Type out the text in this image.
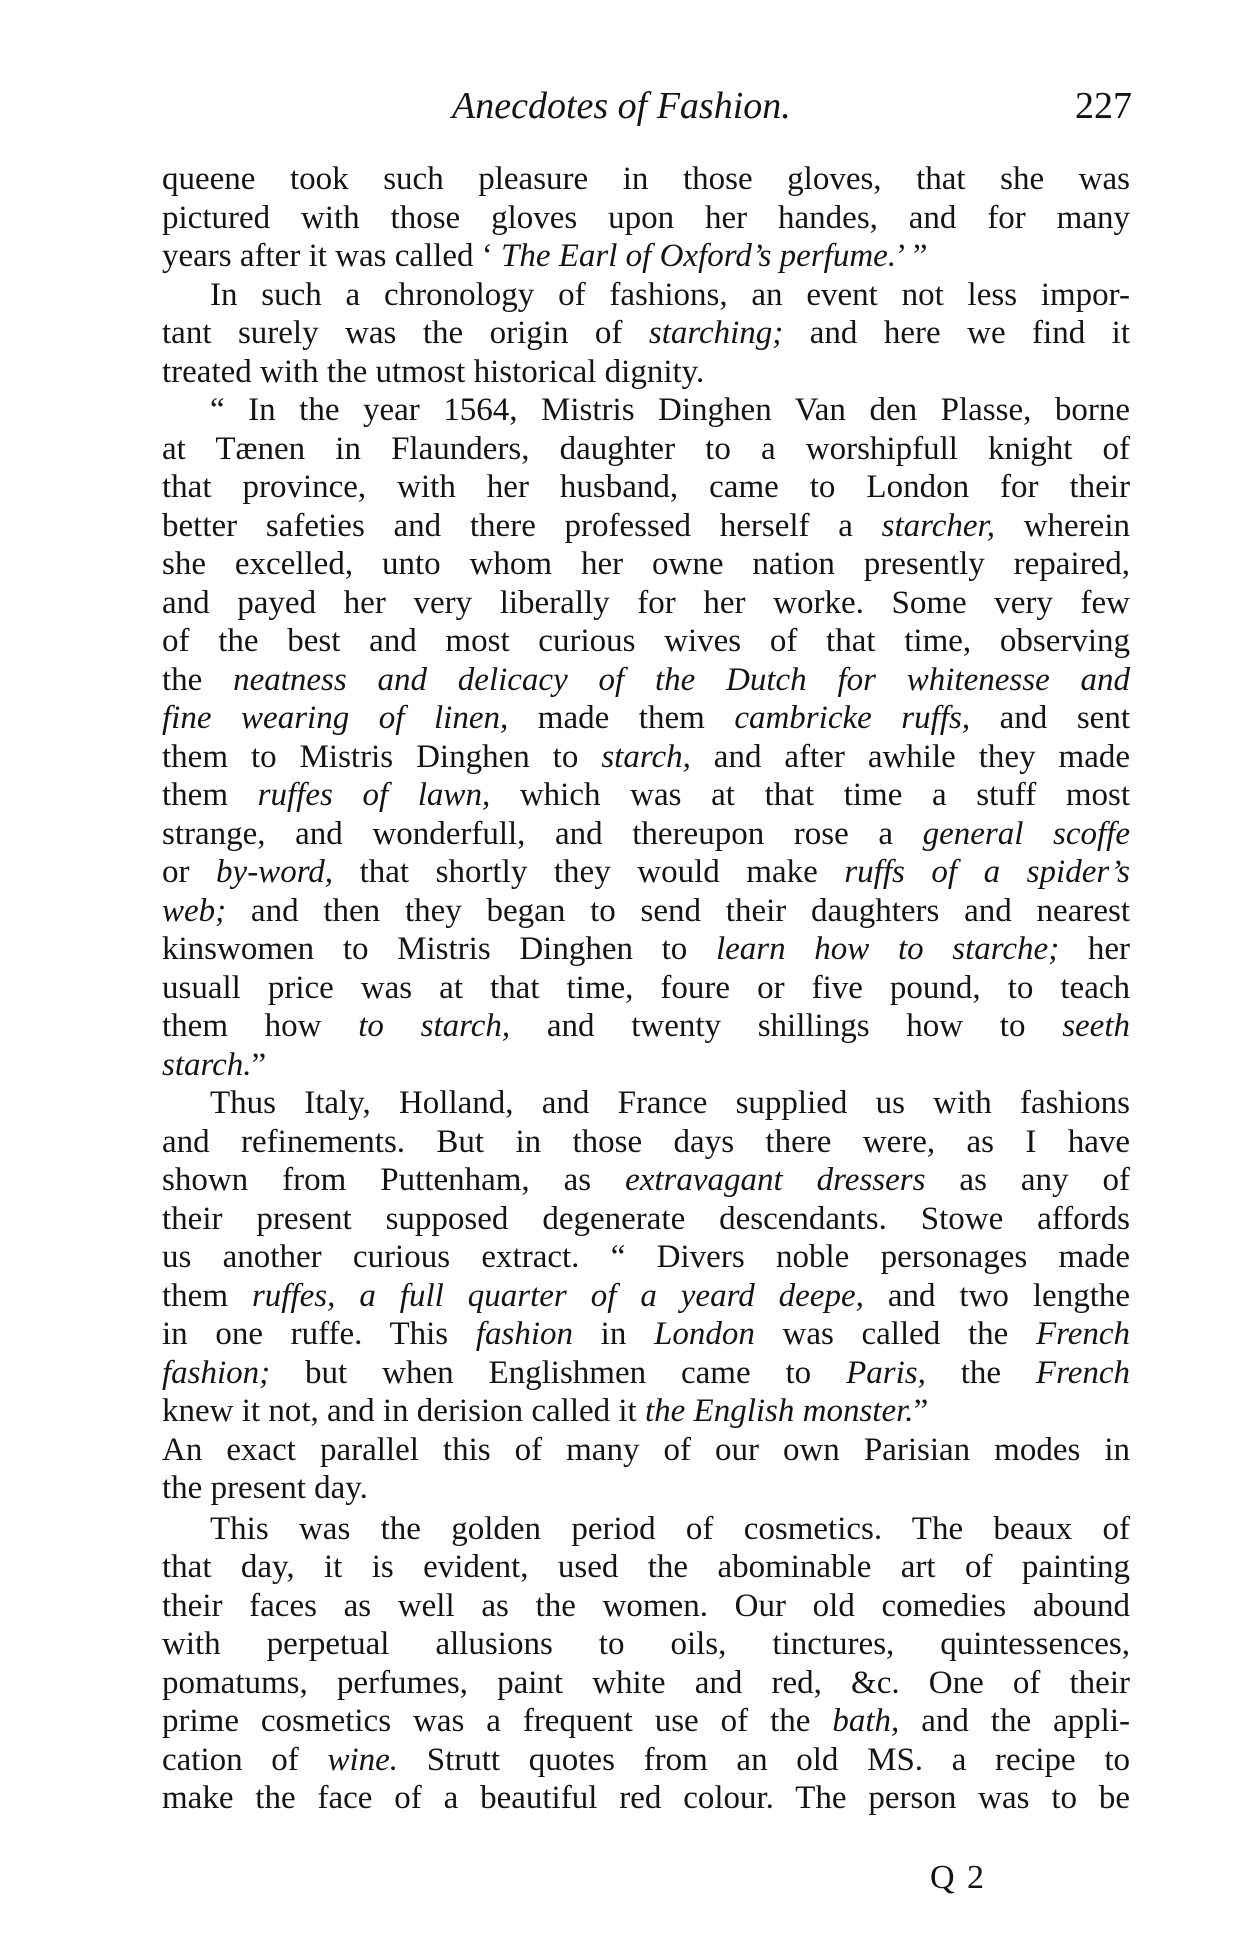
Anecdotes of Fashion.	227
queene took such pleasure in those gloves, that she was
pictured with those gloves upon her handes, and for many
years after it was called ‘ The Earl of Oxford’s perfume.’ ”
In such a chronology of fashions, an event not less impor-
tant surely was the origin of starching; and here we find it
treated with the utmost historical dignity.
“ In the year 1564, Mistris Dinghen Van den Plasse, borne
at Tænen in Flaunders, daughter to a worshipfull knight of
that province, with her husband, came to London for their
better safeties and there professed herself a starcher, wherein
she excelled, unto whom her owne nation presently repaired,
and payed her very liberally for her worke. Some very few
of the best and most curious wives of that time, observing
the neatness and delicacy of the Dutch for whitenesse and
fine wearing of linen, made them cambricke ruffs, and sent
them to Mistris Dinghen to starch, and after awhile they made
them ruffes of lawn, which was at that time a stuff most
strange, and wonderfull, and thereupon rose a general scoffe
or by-word, that shortly they would make ruffs of a spider’s
web; and then they began to send their daughters and nearest
kinswomen to Mistris Dinghen to learn how to starche; her
usuall price was at that time, foure or five pound, to teach
them how to starch, and twenty shillings how to seeth
starch.”
Thus Italy, Holland, and France supplied us with fashions
and refinements. But in those days there were, as I have
shown from Puttenham, as extravagant dressers as any of
their present supposed degenerate descendants. Stowe affords
us another curious extract. “ Divers noble personages made
them ruffes, a full quarter of a yeard deepe, and two lengthe
in one ruffe. This fashion in London was called the French
fashion; but when Englishmen came to Paris, the French
knew it not, and in derision called it the English monster.”
An exact parallel this of many of our own Parisian modes in
the present day.
This was the golden period of cosmetics. The beaux of
that day, it is evident, used the abominable art of painting
their faces as well as the women. Our old comedies abound
with perpetual allusions to oils, tinctures, quintessences,
pomatums, perfumes, paint white and red, &c. One of their
prime cosmetics was a frequent use of the bath, and the appli-
cation of wine. Strutt quotes from an old MS. a recipe to
make the face of a beautiful red colour. The person was to be
Q 2
